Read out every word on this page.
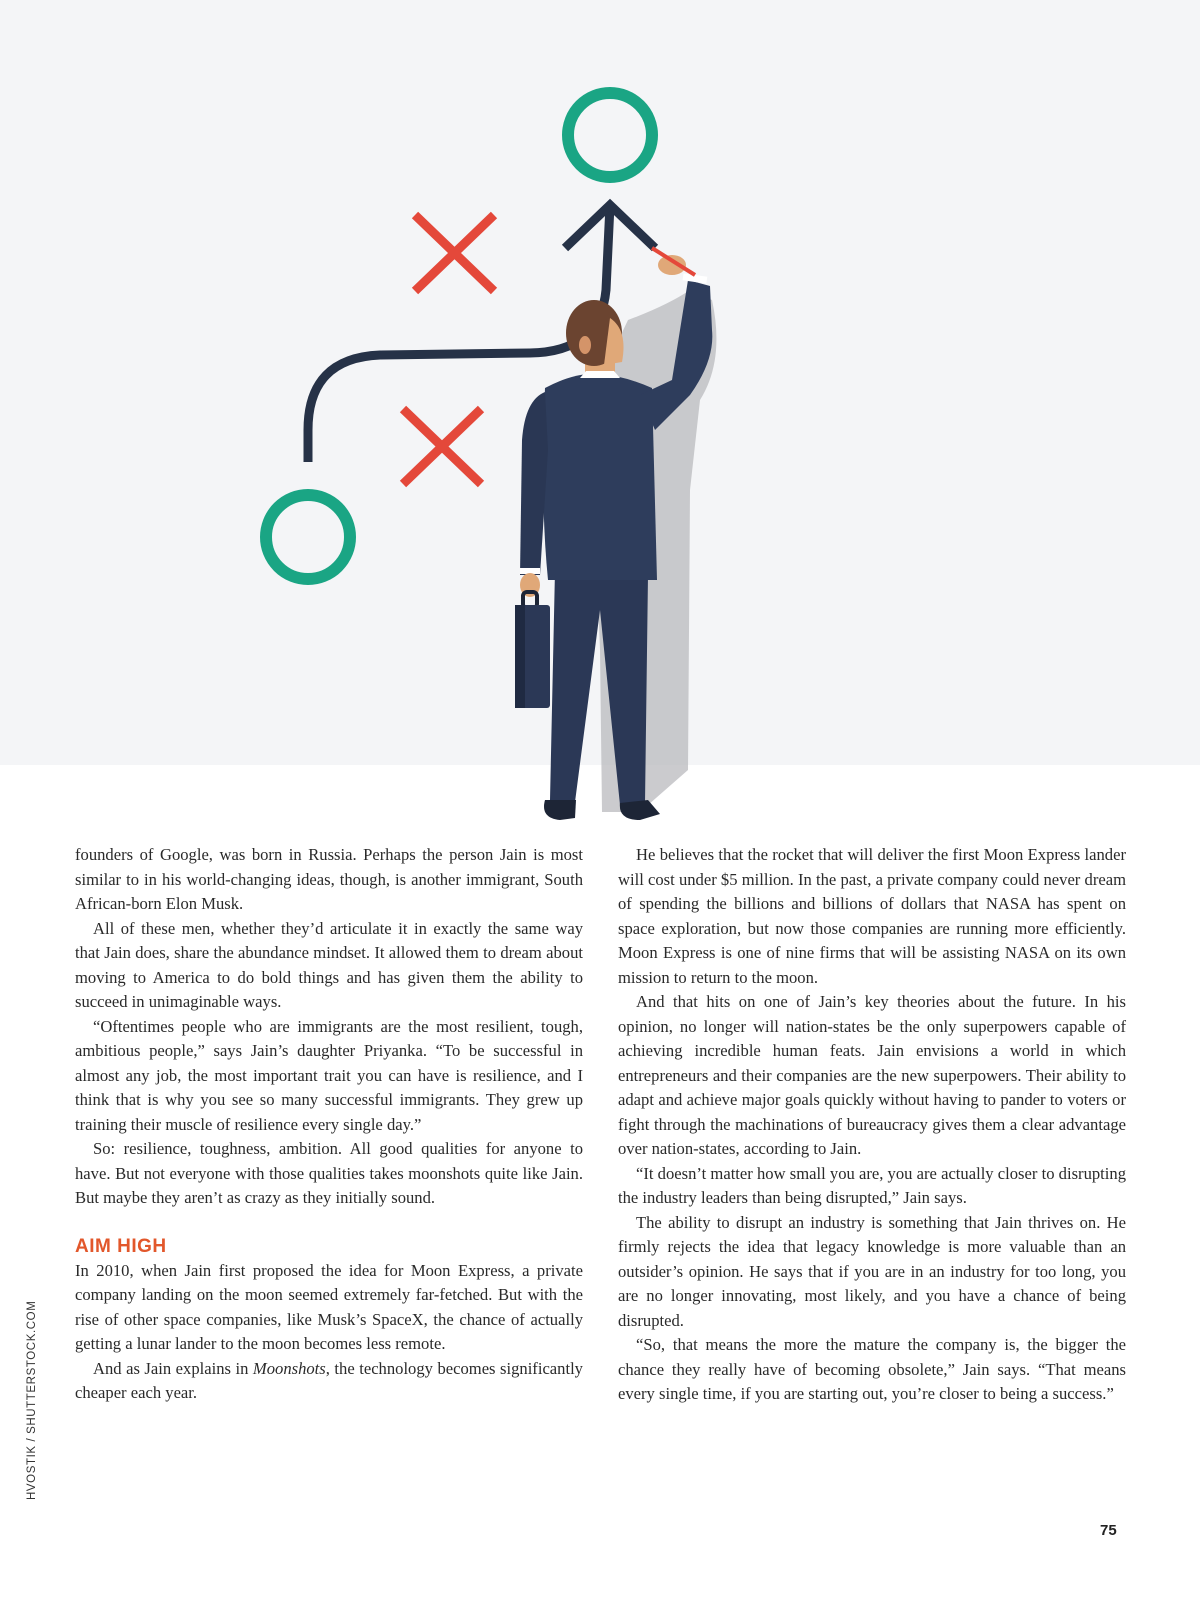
HVOSTIK / SHUTTERSTOCK.COM

founders of Google, was born in Russia. Perhaps the person Jain is most similar to in his world-changing ideas, though, is another immigrant, South African-born Elon Musk.

All of these men, whether they’d articulate it in exactly the same way that Jain does, share the abundance mindset. It allowed them to dream about moving to America to do bold things and has given them the ability to succeed in unimaginable ways.

“Oftentimes people who are immigrants are the most resilient, tough, ambitious people,” says Jain’s daughter Priyanka. “To be successful in almost any job, the most important trait you can have is resilience, and I think that is why you see so many successful immigrants. They grew up training their muscle of resilience every single day.”

So: resilience, toughness, ambition. All good qualities for anyone to have. But not everyone with those qualities takes moonshots quite like Jain. But maybe they aren’t as crazy as they initially sound.

AIM HIGH

In 2010, when Jain first proposed the idea for Moon Express, a private company landing on the moon seemed extremely far-fetched. But with the rise of other space companies, like Musk’s SpaceX, the chance of actually getting a lunar lander to the moon becomes less remote.

And as Jain explains in Moonshots, the technology becomes significantly cheaper each year.

He believes that the rocket that will deliver the first Moon Express lander will cost under $5 million. In the past, a private company could never dream of spending the billions and billions of dollars that NASA has spent on space exploration, but now those companies are running more efficiently. Moon Express is one of nine firms that will be assisting NASA on its own mission to return to the moon.

And that hits on one of Jain’s key theories about the future. In his opinion, no longer will nation-states be the only superpowers capable of achieving incredible human feats. Jain envisions a world in which entrepreneurs and their companies are the new superpowers. Their ability to adapt and achieve major goals quickly without having to pander to voters or fight through the machinations of bureaucracy gives them a clear advantage over nation-states, according to Jain.

“It doesn’t matter how small you are, you are actually closer to disrupting the industry leaders than being disrupted,” Jain says.

The ability to disrupt an industry is something that Jain thrives on. He firmly rejects the idea that legacy knowledge is more valuable than an outsider’s opinion. He says that if you are in an industry for too long, you are no longer innovating, most likely, and you have a chance of being disrupted.

“So, that means the more the mature the company is, the bigger the chance they really have of becoming obsolete,” Jain says. “That means every single time, if you are starting out, you’re closer to being a success.”

75
